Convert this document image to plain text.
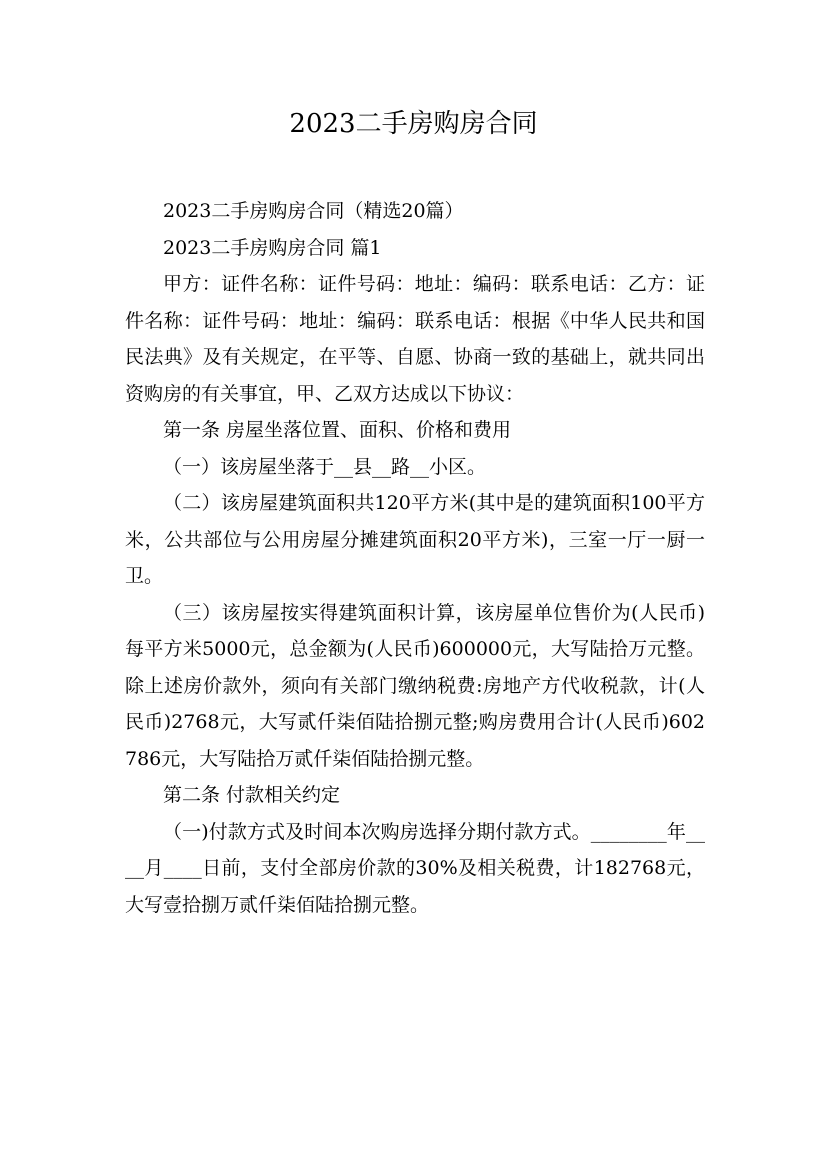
2023二手房购房合同

2023二手房购房合同（精选20篇）

2023二手房购房合同 篇1

甲方：证件名称：证件号码：地址：编码：联系电话：乙方：证件名称：证件号码：地址：编码：联系电话：根据《中华人民共和国民法典》及有关规定，在平等、自愿、协商一致的基础上，就共同出资购房的有关事宜，甲、乙双方达成以下协议：

第一条 房屋坐落位置、面积、价格和费用

（一）该房屋坐落于__县__路__小区。

（二）该房屋建筑面积共120平方米(其中是的建筑面积100平方米，公共部位与公用房屋分摊建筑面积20平方米)，三室一厅一厨一卫。

（三）该房屋按实得建筑面积计算，该房屋单位售价为(人民币)每平方米5000元，总金额为(人民币)600000元，大写陆拾万元整。除上述房价款外，须向有关部门缴纳税费:房地产方代收税款，计(人民币)2768元，大写贰仟柒佰陆拾捌元整;购房费用合计(人民币)602786元，大写陆拾万贰仟柒佰陆拾捌元整。

第二条 付款相关约定

（一)付款方式及时间本次购房选择分期付款方式。________年____月____日前，支付全部房价款的30%及相关税费，计182768元，大写壹拾捌万贰仟柒佰陆拾捌元整。
